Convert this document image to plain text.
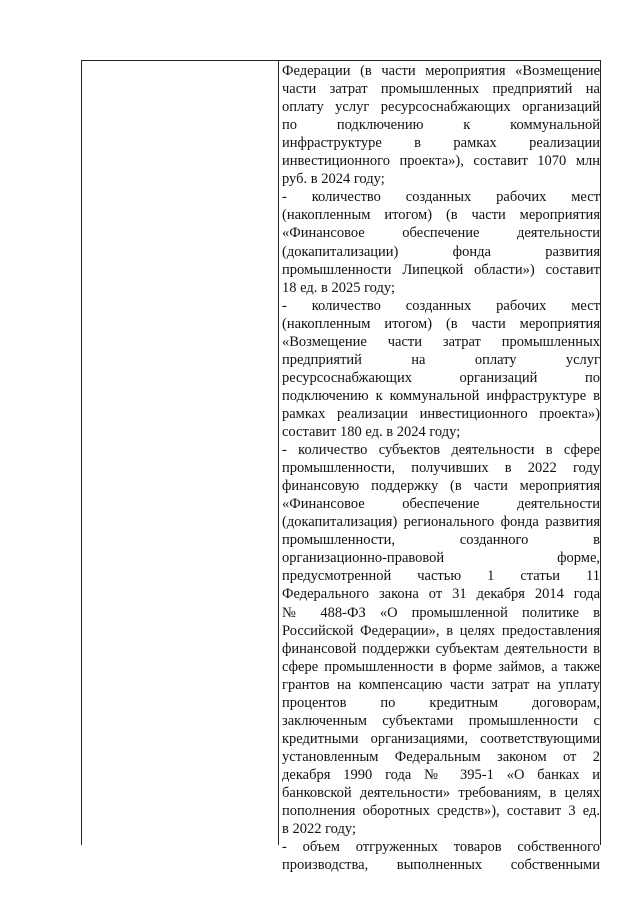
Федерации (в части мероприятия «Возмещение
части затрат промышленных предприятий на
оплату услуг ресурсоснабжающих организаций
по подключению к коммунальной
инфраструктуре в рамках реализации
инвестиционного проекта»), составит 1070 млн
руб. в 2024 году;
- количество созданных рабочих мест
(накопленным итогом) (в части мероприятия
«Финансовое обеспечение деятельности
(докапитализации) фонда развития
промышленности Липецкой области») составит
18 ед. в 2025 году;
- количество созданных рабочих мест
(накопленным итогом) (в части мероприятия
«Возмещение части затрат промышленных
предприятий на оплату услуг
ресурсоснабжающих организаций по
подключению к коммунальной инфраструктуре в
рамках реализации инвестиционного проекта»)
составит 180 ед. в 2024 году;
- количество субъектов деятельности в сфере
промышленности, получивших в 2022 году
финансовую поддержку (в части мероприятия
«Финансовое обеспечение деятельности
(докапитализация) регионального фонда развития
промышленности, созданного в
организационно-правовой форме,
предусмотренной частью 1 статьи 11
Федерального закона от 31 декабря 2014 года
№ 488-ФЗ «О промышленной политике в
Российской Федерации», в целях предоставления
финансовой поддержки субъектам деятельности в
сфере промышленности в форме займов, а также
грантов на компенсацию части затрат на уплату
процентов по кредитным договорам,
заключенным субъектами промышленности с
кредитными организациями, соответствующими
установленным Федеральным законом от 2
декабря 1990 года № 395-1 «О банках и
банковской деятельности» требованиям, в целях
пополнения оборотных средств»), составит 3 ед.
в 2022 году;
- объем отгруженных товаров собственного
производства, выполненных собственными
